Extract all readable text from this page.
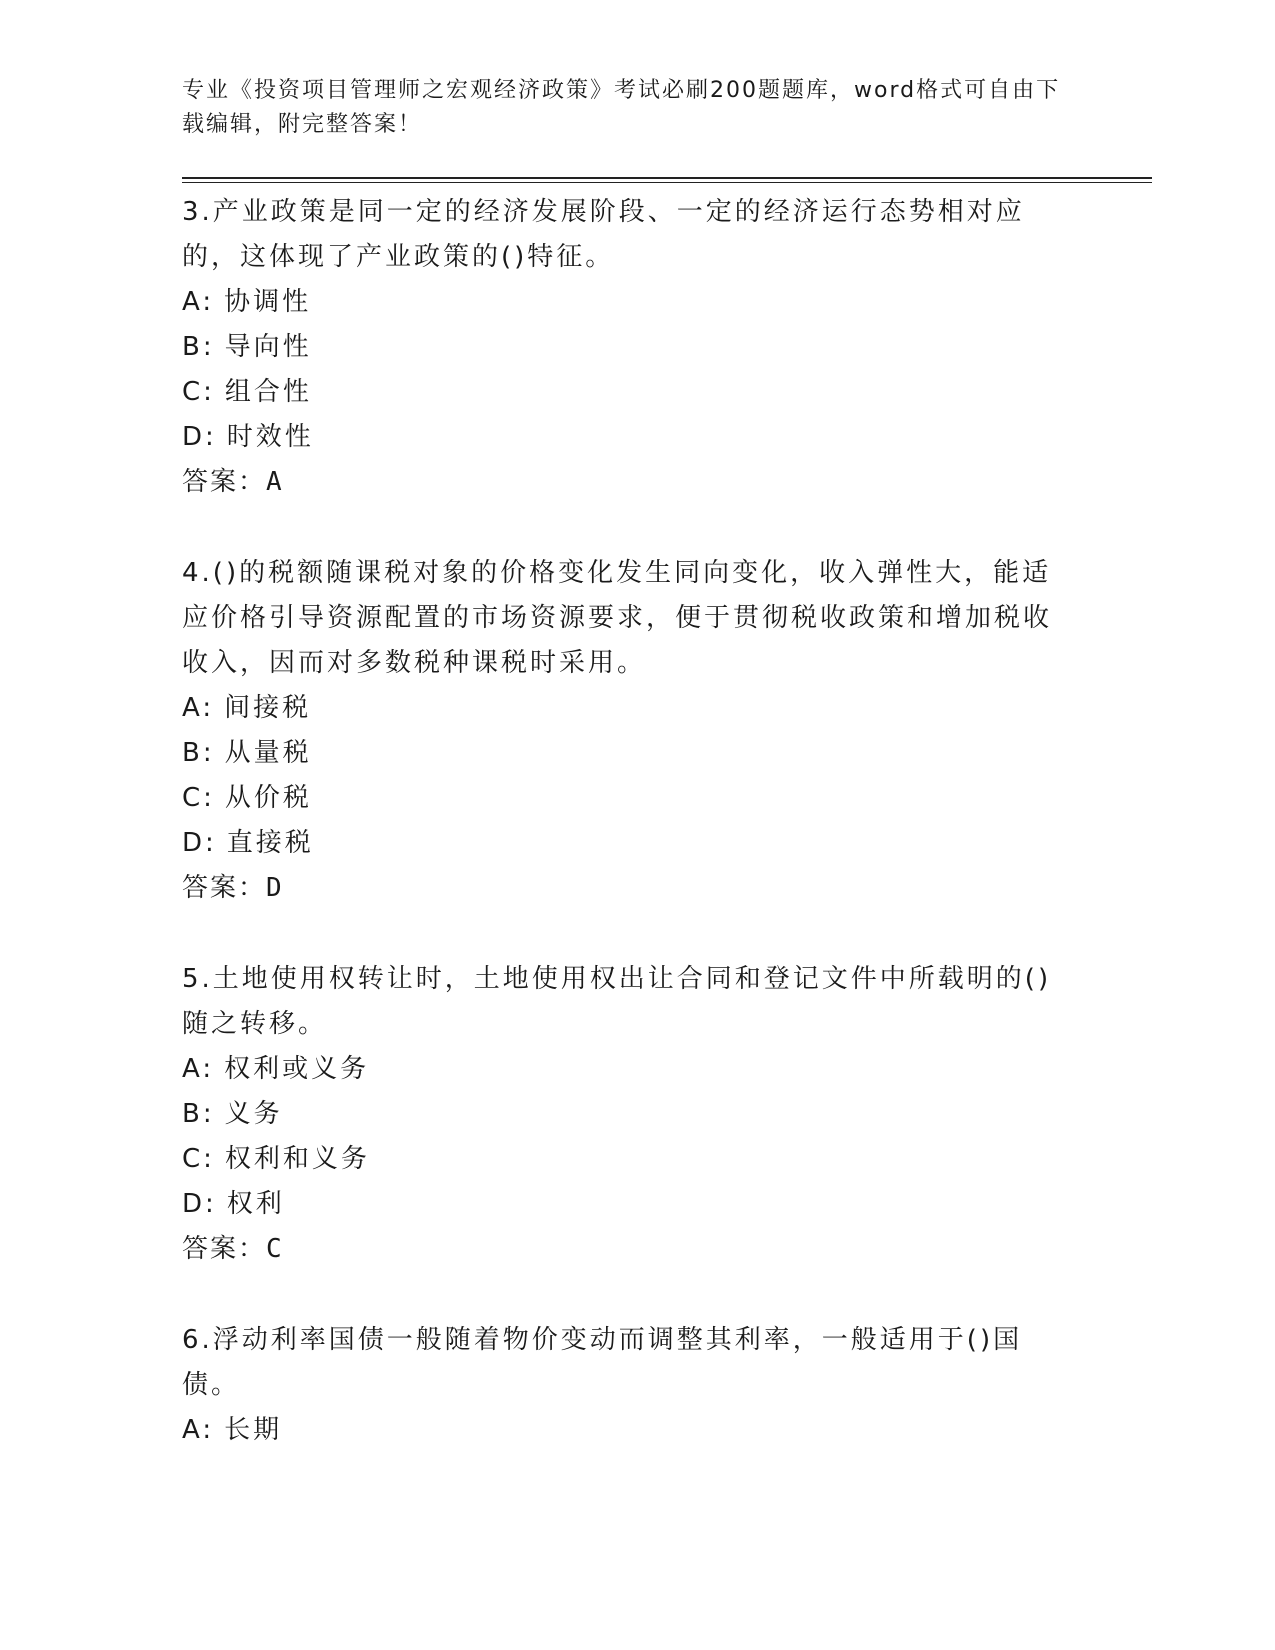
专业《投资项目管理师之宏观经济政策》考试必刷200题题库，word格式可自由下载编辑，附完整答案！

3.产业政策是同一定的经济发展阶段、一定的经济运行态势相对应的，这体现了产业政策的()特征。

A: 协调性
B: 导向性
C: 组合性
D: 时效性
答案：A

4.()的税额随课税对象的价格变化发生同向变化，收入弹性大，能适应价格引导资源配置的市场资源要求，便于贯彻税收政策和增加税收收入，因而对多数税种课税时采用。

A: 间接税
B: 从量税
C: 从价税
D: 直接税
答案：D

5.土地使用权转让时，土地使用权出让合同和登记文件中所载明的()随之转移。

A: 权利或义务
B: 义务
C: 权利和义务
D: 权利
答案：C

6.浮动利率国债一般随着物价变动而调整其利率，一般适用于()国债。

A: 长期
